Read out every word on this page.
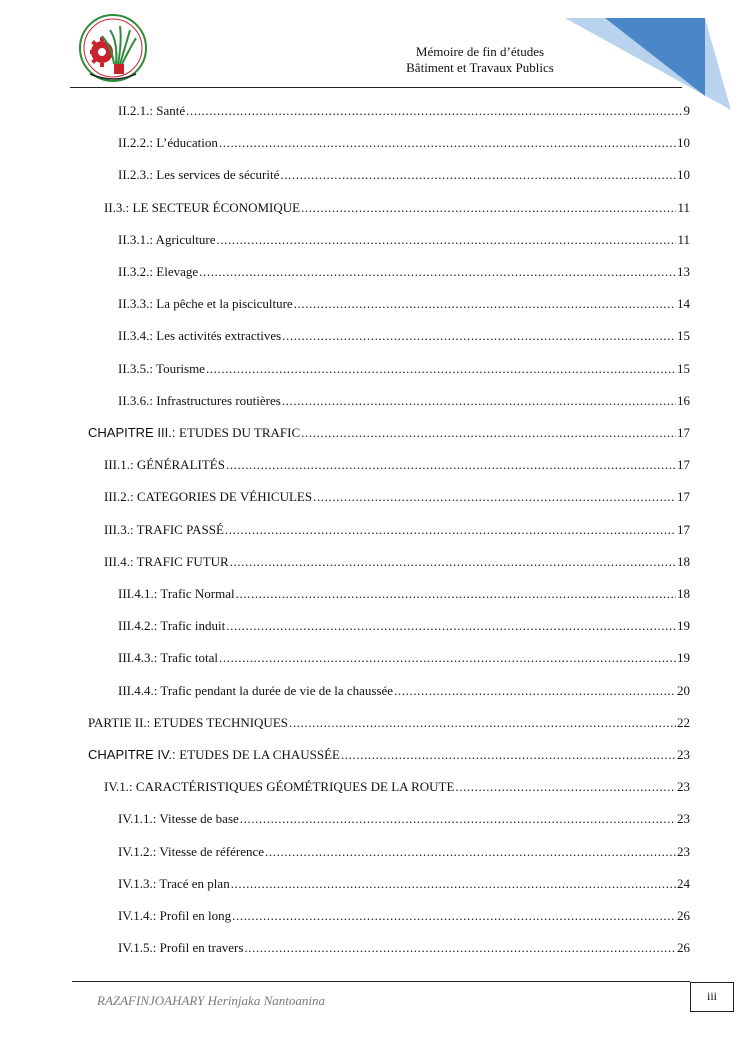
Mémoire de fin d’études
Bâtiment et Travaux Publics
II.2.1.: Santé .....	9
II.2.2.: L’éducation .....	10
II.2.3.: Les services de sécurité .....	10
II.3.: LE SECTEUR ÉCONOMIQUE .....	11
II.3.1.: Agriculture .....	11
II.3.2.: Elevage .....	13
II.3.3.: La pêche et la pisciculture .....	14
II.3.4.: Les activités extractives .....	15
II.3.5.: Tourisme .....	15
II.3.6.: Infrastructures routières .....	16
CHAPITRE III.: ETUDES DU TRAFIC .....	17
III.1.: GÉNÉRALITÉS .....	17
III.2.: CATEGORIES DE VÉHICULES .....	17
III.3.: TRAFIC PASSÉ .....	17
III.4.: TRAFIC FUTUR .....	18
III.4.1.: Trafic Normal .....	18
III.4.2.: Trafic induit .....	19
III.4.3.: Trafic total .....	19
III.4.4.: Trafic pendant la durée de vie de la chaussée .....	20
PARTIE II.: ETUDES TECHNIQUES .....	22
CHAPITRE IV.: ETUDES DE LA CHAUSSÉE .....	23
IV.1.: CARACTÉRISTIQUES GÉOMÉTRIQUES DE LA ROUTE .....	23
IV.1.1.: Vitesse de base .....	23
IV.1.2.: Vitesse de référence .....	23
IV.1.3.: Tracé en plan .....	24
IV.1.4.: Profil en long .....	26
IV.1.5.: Profil en travers .....	26
RAZAFINJOAHARY Herinjaka Nantoanina	iii
